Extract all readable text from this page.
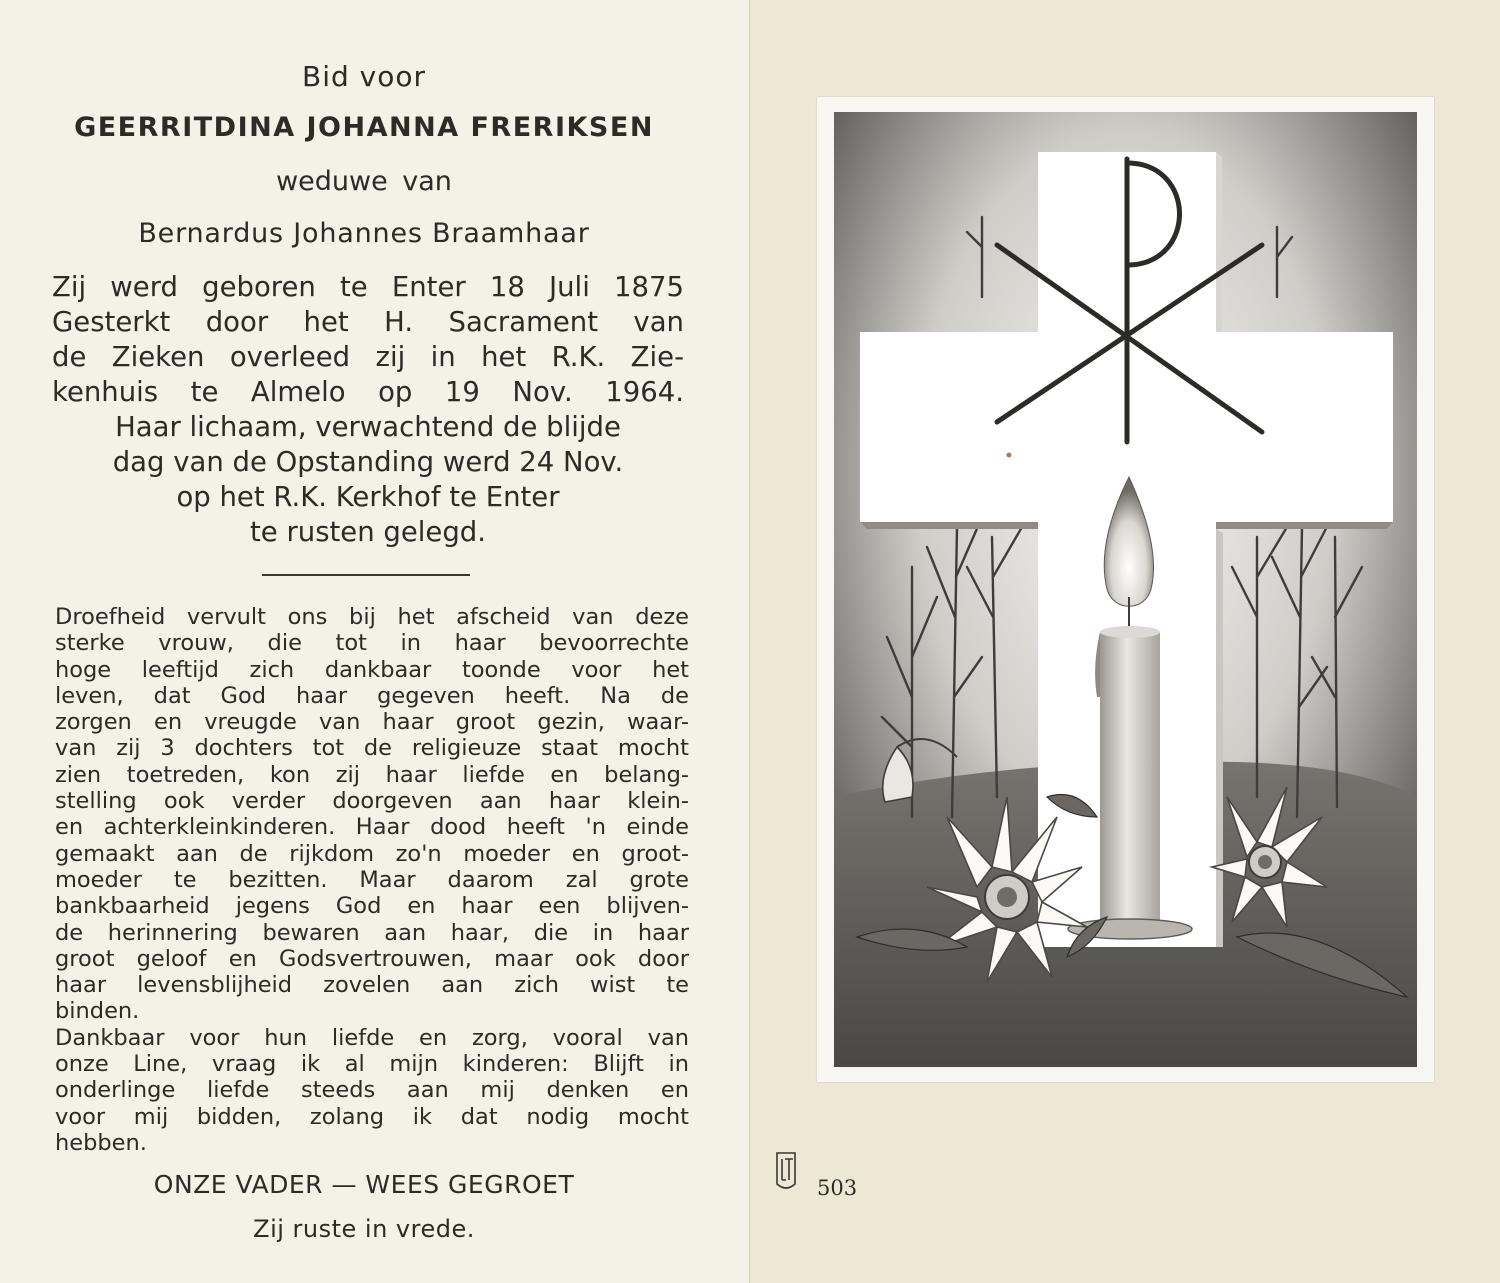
Bid voor
GEERRITDINA JOHANNA FRERIKSEN
weduwe van
Bernardus Johannes Braamhaar
Zij werd geboren te Enter 18 Juli 1875
Gesterkt door het H. Sacrament van
de Zieken overleed zij in het R.K. Zie-
kenhuis te Almelo op 19 Nov. 1964.
Haar lichaam, verwachtend de blijde
dag van de Opstanding werd 24 Nov.
op het R.K. Kerkhof te Enter
te rusten gelegd.
Droefheid vervult ons bij het afscheid van deze
sterke vrouw, die tot in haar bevoorrechte
hoge leeftijd zich dankbaar toonde voor het
leven, dat God haar gegeven heeft. Na de
zorgen en vreugde van haar groot gezin, waar-
van zij 3 dochters tot de religieuze staat mocht
zien toetreden, kon zij haar liefde en belang-
stelling ook verder doorgeven aan haar klein-
en achterkleinkinderen. Haar dood heeft 'n einde
gemaakt aan de rijkdom zo'n moeder en groot-
moeder te bezitten. Maar daarom zal grote
bankbaarheid jegens God en haar een blijven-
de herinnering bewaren aan haar, die in haar
groot geloof en Godsvertrouwen, maar ook door
haar levensblijheid zovelen aan zich wist te
binden.
Dankbaar voor hun liefde en zorg, vooral van
onze Line, vraag ik al mijn kinderen: Blijft in
onderlinge liefde steeds aan mij denken en
voor mij bidden, zolang ik dat nodig mocht
hebben.
ONZE VADER — WEES GEGROET
Zij ruste in vrede.
503
